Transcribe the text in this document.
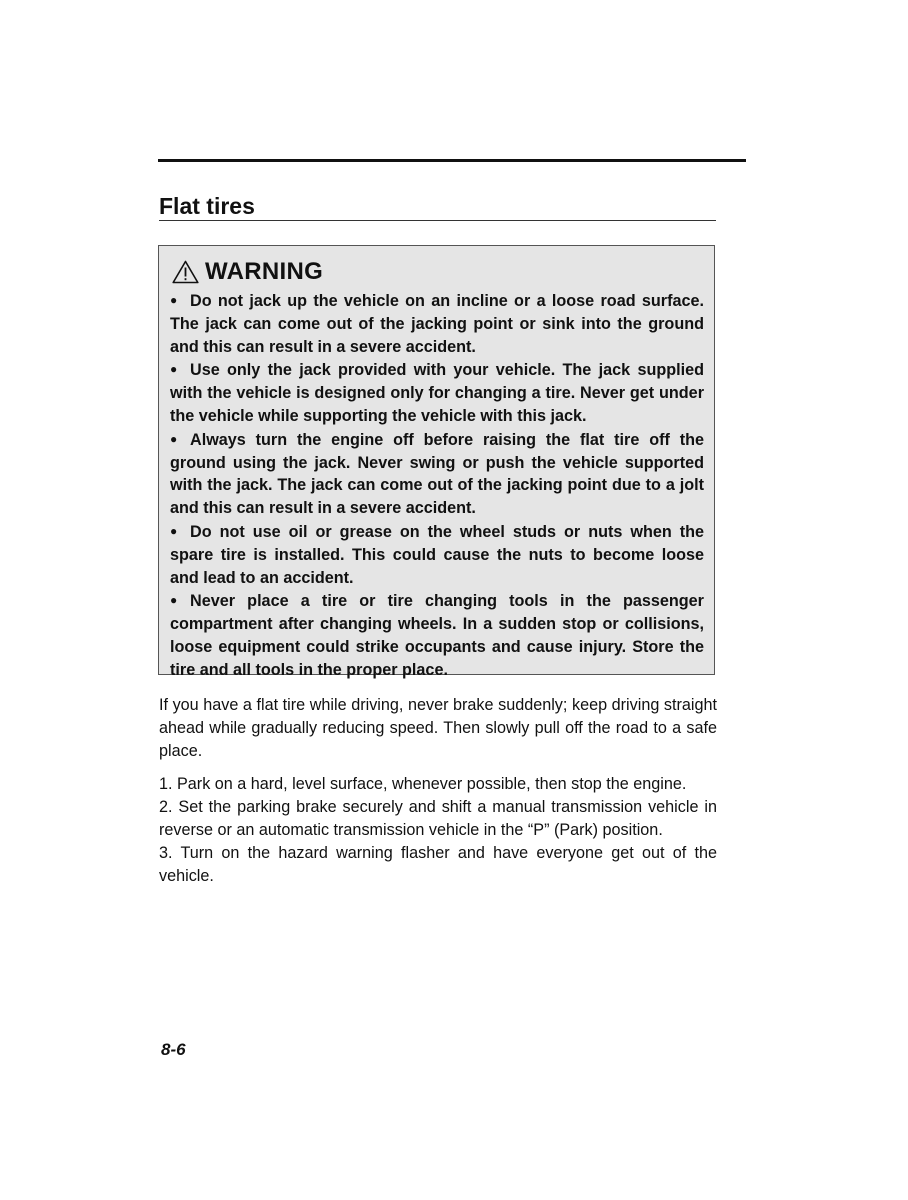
Flat tires
WARNING
● Do not jack up the vehicle on an incline or a loose road surface. The jack can come out of the jacking point or sink into the ground and this can result in a severe accident.
● Use only the jack provided with your vehicle. The jack supplied with the vehicle is designed only for changing a tire. Never get under the vehicle while supporting the vehicle with this jack.
● Always turn the engine off before raising the flat tire off the ground using the jack. Never swing or push the vehicle supported with the jack. The jack can come out of the jacking point due to a jolt and this can result in a severe accident.
● Do not use oil or grease on the wheel studs or nuts when the spare tire is installed. This could cause the nuts to become loose and lead to an accident.
● Never place a tire or tire changing tools in the passenger compartment after changing wheels. In a sudden stop or collisions, loose equipment could strike occupants and cause injury. Store the tire and all tools in the proper place.

If you have a flat tire while driving, never brake suddenly; keep driving straight ahead while gradually reducing speed. Then slowly pull off the road to a safe place.

1. Park on a hard, level surface, whenever possible, then stop the engine.
2. Set the parking brake securely and shift a manual transmission vehicle in reverse or an automatic transmission vehicle in the “P” (Park) position.
3. Turn on the hazard warning flasher and have everyone get out of the vehicle.
8-6
